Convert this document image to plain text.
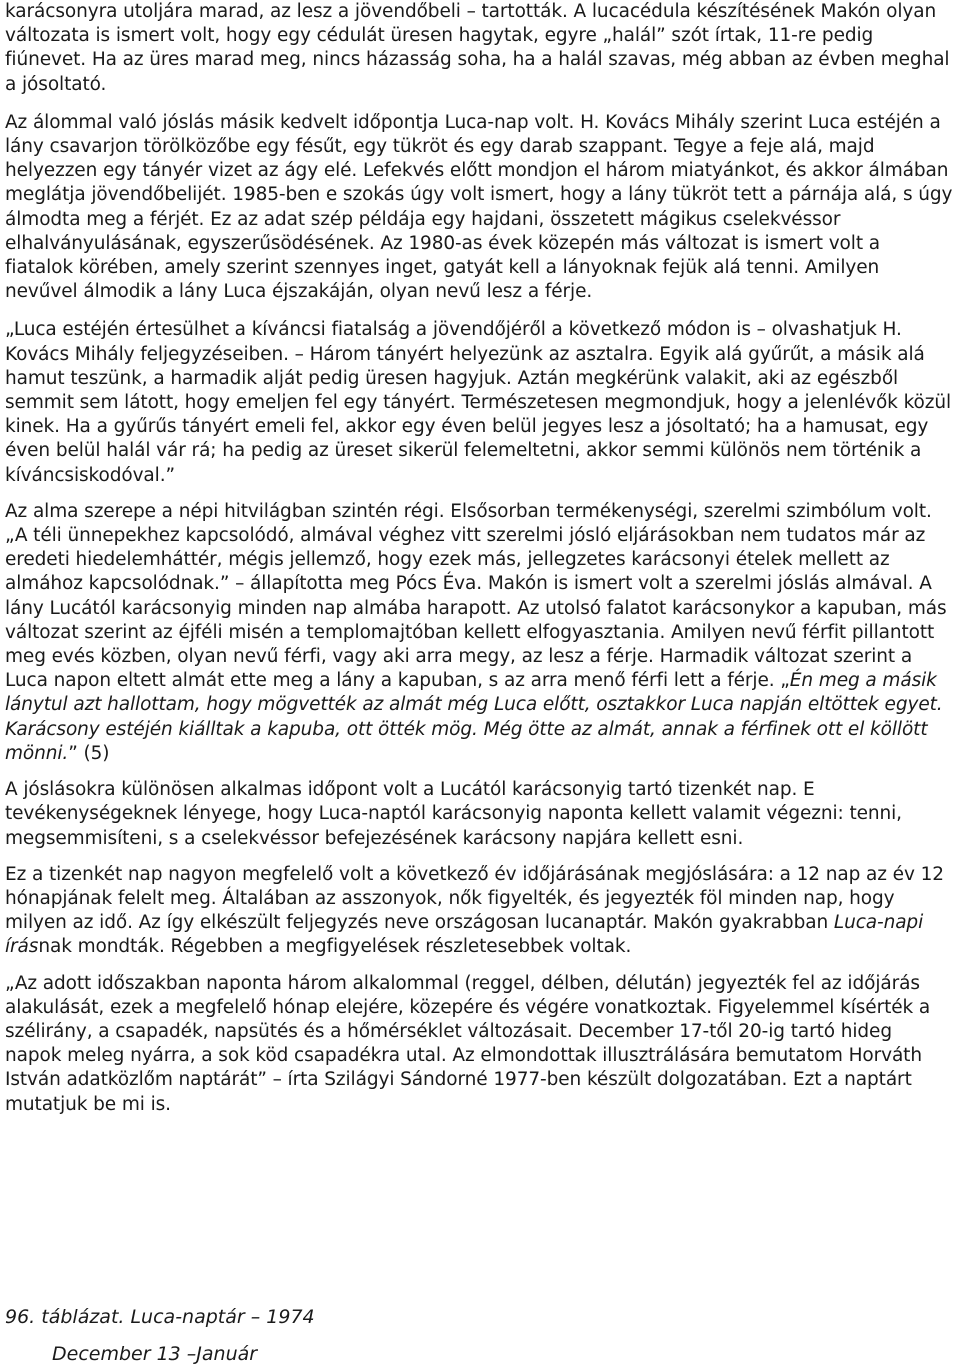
karácsonyra utoljára marad, az lesz a jövendőbeli – tartották. A lucacédula készítésének Makón olyan változata is ismert volt, hogy egy cédulát üresen hagytak, egyre „halál” szót írtak, 11-re pedig fiúnevet. Ha az üres marad meg, nincs házasság soha, ha a halál szavas, még abban az évben meghal a jósoltató.

Az álommal való jóslás másik kedvelt időpontja Luca-nap volt. H. Kovács Mihály szerint Luca estéjén a lány csavarjon törölközőbe egy fésűt, egy tükröt és egy darab szappant. Tegye a feje alá, majd helyezzen egy tányér vizet az ágy elé. Lefekvés előtt mondjon el három miatyánkot, és akkor álmában meglátja jövendőbelijét. 1985-ben e szokás úgy volt ismert, hogy a lány tükröt tett a párnája alá, s úgy álmodta meg a férjét. Ez az adat szép példája egy hajdani, összetett mágikus cselekvéssor elhalványulásának, egyszerűsödésének. Az 1980-as évek közepén más változat is ismert volt a fiatalok körében, amely szerint szennyes inget, gatyát kell a lányoknak fejük alá tenni. Amilyen nevűvel álmodik a lány Luca éjszakáján, olyan nevű lesz a férje.

„Luca estéjén értesülhet a kíváncsi fiatalság a jövendőjéről a következő módon is – olvashatjuk H. Kovács Mihály feljegyzéseiben. – Három tányért helyezünk az asztalra. Egyik alá gyűrűt, a másik alá hamut teszünk, a harmadik alját pedig üresen hagyjuk. Aztán megkérünk valakit, aki az egészből semmit sem látott, hogy emeljen fel egy tányért. Természetesen megmondjuk, hogy a jelenlévők közül kinek. Ha a gyűrűs tányért emeli fel, akkor egy éven belül jegyes lesz a jósoltató; ha a hamusat, egy éven belül halál vár rá; ha pedig az üreset sikerül felemeltetni, akkor semmi különös nem történik a kíváncsiskodóval.”

Az alma szerepe a népi hitvilágban szintén régi. Elsősorban termékenységi, szerelmi szimbólum volt. „A téli ünnepekhez kapcsolódó, almával véghez vitt szerelmi jósló eljárásokban nem tudatos már az eredeti hiedelemháttér, mégis jellemző, hogy ezek más, jellegzetes karácsonyi ételek mellett az almához kapcsolódnak.” – állapította meg Pócs Éva. Makón is ismert volt a szerelmi jóslás almával. A lány Lucától karácsonyig minden nap almába harapott. Az utolsó falatot karácsonykor a kapuban, más változat szerint az éjféli misén a templomajtóban kellett elfogyasztania. Amilyen nevű férfit pillantott meg evés közben, olyan nevű férfi, vagy aki arra megy, az lesz a férje. Harmadik változat szerint a Luca napon eltett almát ette meg a lány a kapuban, s az arra menő férfi lett a férje. „Én meg a másik lánytul azt hallottam, hogy mögvették az almát még Luca előtt, osztakkor Luca napján eltöttek egyet. Karácsony estéjén kiálltak a kapuba, ott ötték mög. Még ötte az almát, annak a férfinek ott el köllött mönni.” (5)

A jóslásokra különösen alkalmas időpont volt a Lucától karácsonyig tartó tizenkét nap. E tevékenységeknek lényege, hogy Luca-naptól karácsonyig naponta kellett valamit végezni: tenni, megsemmisíteni, s a cselekvéssor befejezésének karácsony napjára kellett esni.

Ez a tizenkét nap nagyon megfelelő volt a következő év időjárásának megjóslására: a 12 nap az év 12 hónapjának felelt meg. Általában az asszonyok, nők figyelték, és jegyezték föl minden nap, hogy milyen az idő. Az így elkészült feljegyzés neve országosan lucanaptár. Makón gyakrabban Luca-napi írásnak mondták. Régebben a megfigyelések részletesebbek voltak.

„Az adott időszakban naponta három alkalommal (reggel, délben, délután) jegyezték fel az időjárás alakulását, ezek a megfelelő hónap elejére, közepére és végére vonatkoztak. Figyelemmel kísérték a szélirány, a csapadék, napsütés és a hőmérséklet változásait. December 17-től 20-ig tartó hideg napok meleg nyárra, a sok köd csapadékra utal. Az elmondottak illusztrálására bemutatom Horváth István adatközlőm naptárát” – írta Szilágyi Sándorné 1977-ben készült dolgozatában. Ezt a naptárt mutatjuk be mi is.

96. táblázat. Luca-naptár – 1974

December 13 –Január
